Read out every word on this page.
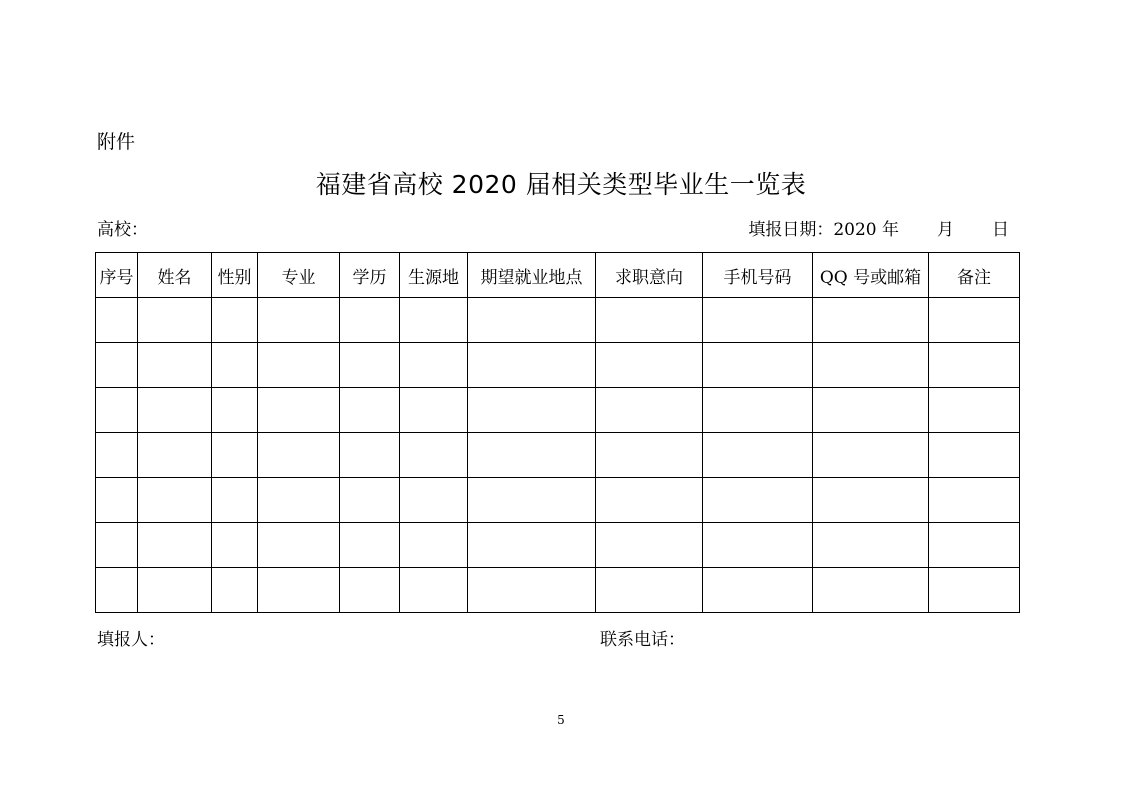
附件
福建省高校 2020 届相关类型毕业生一览表
高校：	填报日期：2020 年 月 日
序号	姓名	性别	专业	学历	生源地	期望就业地点	求职意向	手机号码	QQ 号或邮箱	备注

填报人：	联系电话：
5
